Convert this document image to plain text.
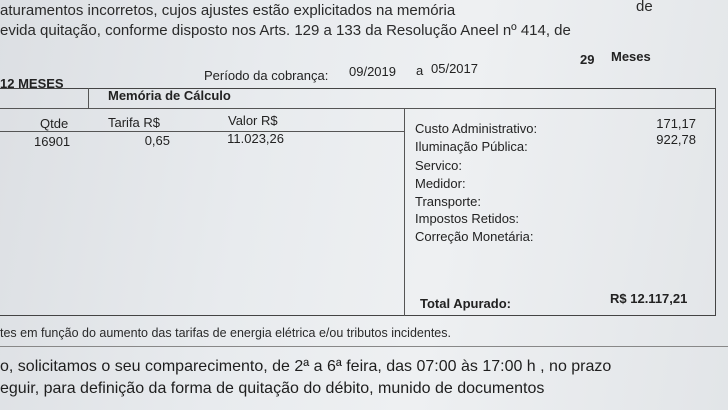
aturamentos incorretos, cujos ajustes estão explicitados na memória	de
evida quitação, conforme disposto nos Arts. 129 a 133 da Resolução Aneel nº 414, de
12 MESES
Período da cobrança: 09/2019 a 05/2017
29 Meses
Memória de Cálculo
Qtde	Tarifa R$	Valor R$
16901	0,65	11.023,26
Custo Administrativo:	171,17
Iluminação Pública:	922,78
Servico:
Medidor:
Transporte:
Impostos Retidos:
Correção Monetária:
Total Apurado:	R$ 12.117,21
tes em função do aumento das tarifas de energia elétrica e/ou tributos incidentes.
o, solicitamos o seu comparecimento, de 2ª a 6ª feira, das 07:00 às 17:00 h , no prazo
eguir, para definição da forma de quitação do débito, munido de documentos
